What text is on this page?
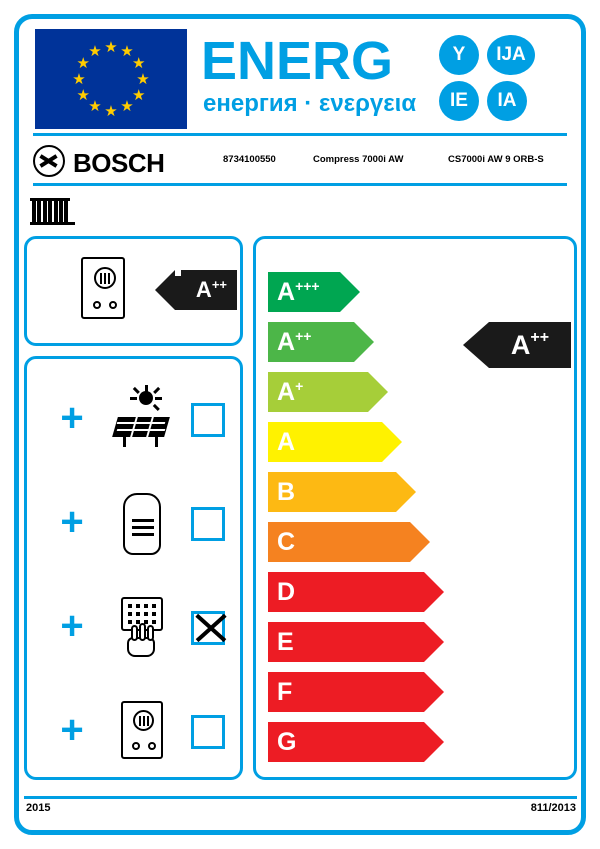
★ ★
★
★
★
★
★
★
★
★
★
★ ENERG
енергия · ενεργεια
Y	IJA
IE	IA
BOSCH	8734100550	Compress 7000i AW	CS7000i AW 9 ORB-S
A ++
+
+
+
+
A +++
A ++
A +
A
B
C
D
E
F
G
A ++
2015	811/2013
